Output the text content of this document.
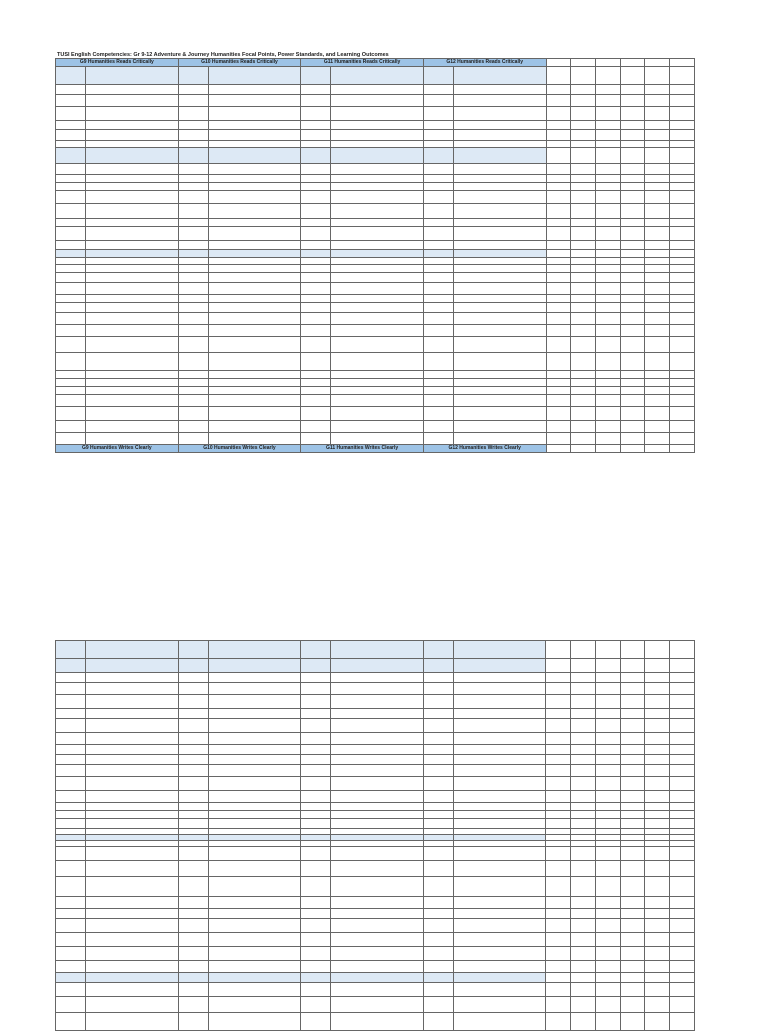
TUSI English Competencies: Gr 9-12 Adventure & Journey Humanities Focal Points, Power Standards, and Learning Outcomes
G9 Humanities Reads Critically		G10 Humanities Reads Critically		G11 Humanities Reads Critically		G12 Humanities Reads Critically							

G9 Humanities Writes Clearly		G10 Humanities Writes Clearly		G11 Humanities Writes Clearly		G12 Humanities Writes Clearly							
